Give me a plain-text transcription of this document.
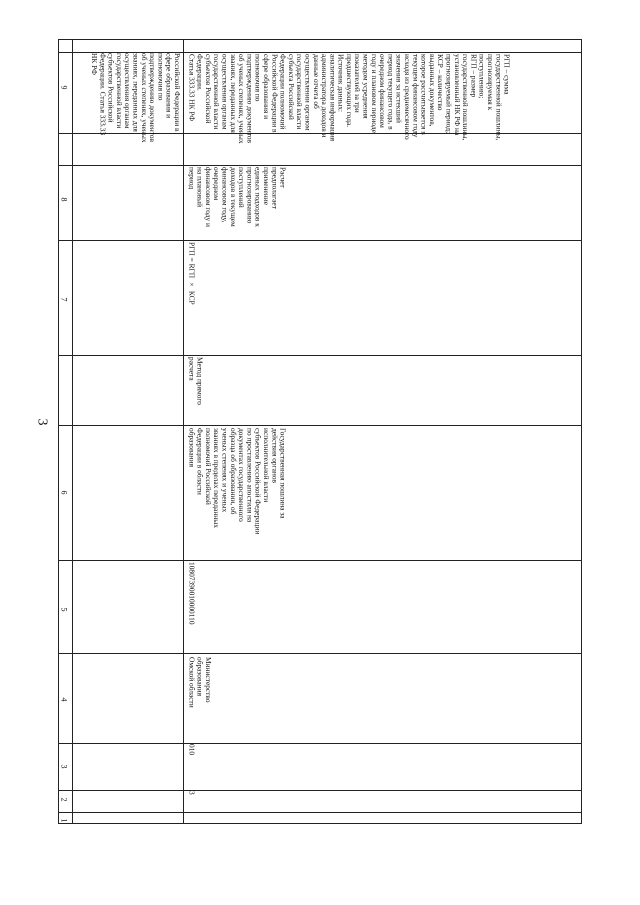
3
1
2
3
4
5
6
7
8
9	Российской Федерации в
сфере образования и
полномочия по
подтверждению документов
об ученых степенях, ученых
званиях, переданных для
осуществления органам
государственной власти
субъектов Российской
Федерации. Статья 333.33
НК РФ
3
010
Министерство
образования
Омской области
10807390010000110
Государственная пошлина за
действия органов
исполнительной власти
субъектов Российской Федерации
по проставлению апостиля на
документах государственного
образца об образовании, об
ученых степенях и ученых
званиях в пределах переданных
полномочий Российской
Федерации в области
образования
Метод прямого
расчета
РГП = RГП × КСР
Расчет
предполагает
применение
единых подходов к
прогнозированию
поступлений
доходов в текущем
финансовом году,
очередном
финансовом году и
на плановый
период
РГП – сумма
государственной пошлины,
прогнозируемая к
поступлению;
RГП – размер
государственной пошлины,
установленный НК РФ на
прогнозируемый период;
КСР – количество
выданных документов,
которое рассчитывается в
текущем финансовом году
исходя из среднемесячного
значения за истекший
период текущего года, в
очередном финансовом
году и плановом периоде
методом усреднения
показателей за три
предшествующих года.
Источник данных:
аналитическая информация
администратора доходов и
данные отчета об
осуществлении органом
государственной власти
субъекта Российской
Федерации полномочий
Российской Федерации в
сфере образования и
полномочия по
подтверждению документов
об ученых степенях, ученых
званиях, переданных для
осуществления органам
государственной власти
субъектов Российской
Федерации.
Статья 333.33 НК РФ
